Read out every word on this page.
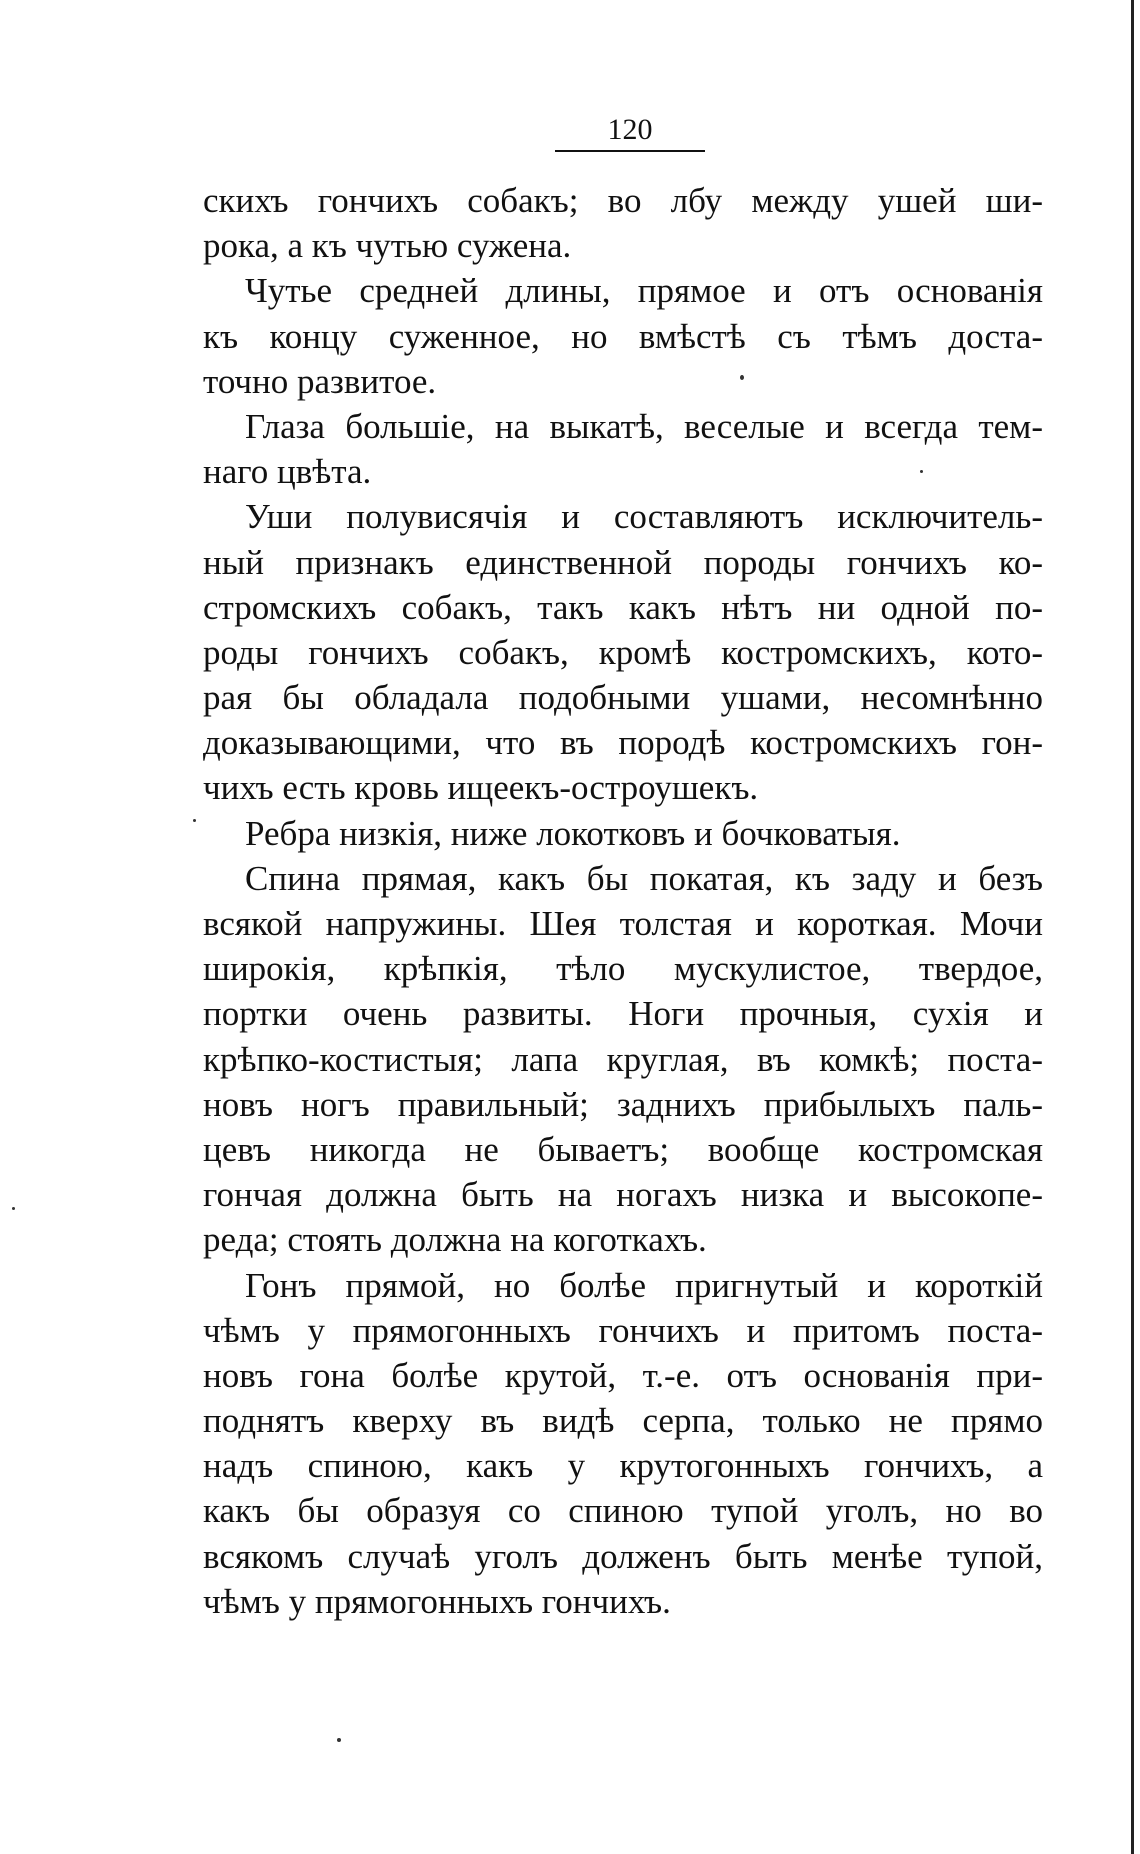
120
скихъ гончихъ собакъ; во лбу между ушей ши-
рока, а къ чутью сужена.
Чутье средней длины, прямое и отъ основанія
къ концу суженное, но вмѣстѣ съ тѣмъ доста-
точно развитое.
Глаза большіе, на выкатѣ, веселые и всегда тем-
наго цвѣта.
Уши полувисячія и составляютъ исключитель-
ный признакъ единственной породы гончихъ ко-
стромскихъ собакъ, такъ какъ нѣтъ ни одной по-
роды гончихъ собакъ, кромѣ костромскихъ, кото-
рая бы обладала подобными ушами, несомнѣнно
доказывающими, что въ породѣ костромскихъ гон-
чихъ есть кровь ищеекъ-остроушекъ.
Ребра низкія, ниже локотковъ и бочковатыя.
Спина прямая, какъ бы покатая, къ заду и безъ
всякой напружины. Шея толстая и короткая. Мочи
широкія, крѣпкія, тѣло мускулистое, твердое,
портки очень развиты. Ноги прочныя, сухія и
крѣпко-костистыя; лапа круглая, въ комкѣ; поста-
новъ ногъ правильный; заднихъ прибылыхъ паль-
цевъ никогда не бываетъ; вообще костромская
гончая должна быть на ногахъ низка и высокопе-
реда; стоять должна на коготкахъ.
Гонъ прямой, но болѣе пригнутый и короткій
чѣмъ у прямогонныхъ гончихъ и притомъ поста-
новъ гона болѣе крутой, т.-е. отъ основанія при-
поднятъ кверху въ видѣ серпа, только не прямо
надъ спиною, какъ у крутогонныхъ гончихъ, а
какъ бы образуя со спиною тупой уголъ, но во
всякомъ случаѣ уголъ долженъ быть менѣе тупой,
чѣмъ у прямогонныхъ гончихъ.
